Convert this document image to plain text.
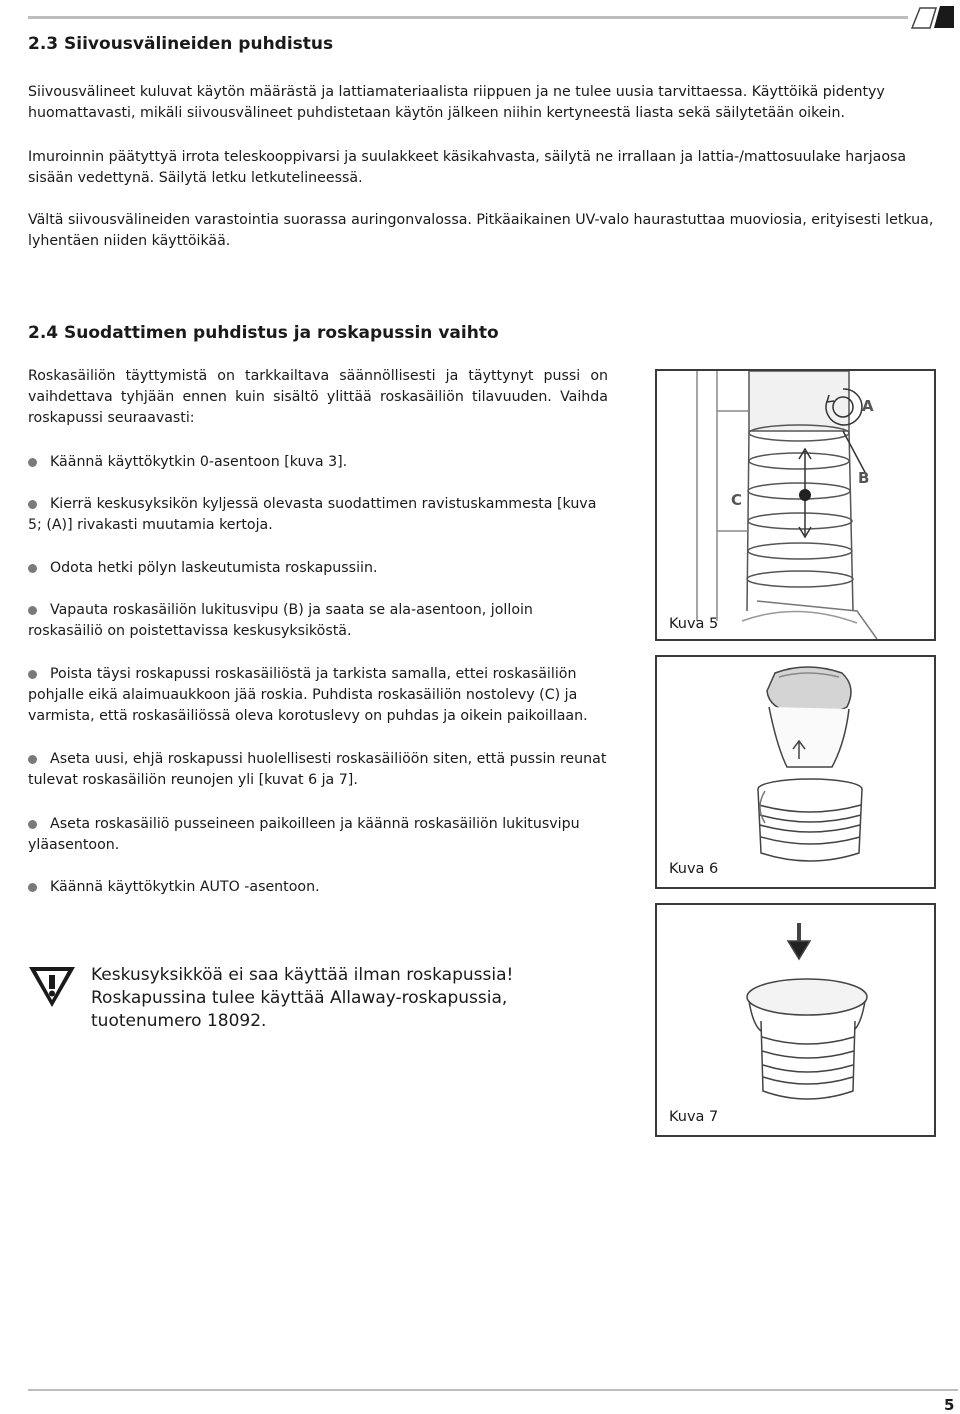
2.3 Siivousvälineiden puhdistus

Siivousvälineet kuluvat käytön määrästä ja lattiamateriaalista riippuen ja ne tulee uusia tarvittaessa. Käyttöikä pidentyy huomattavasti, mikäli siivousvälineet puhdistetaan käytön jälkeen niihin kertyneestä liasta sekä säilytetään oikein.

Imuroinnin päätyttyä irrota teleskooppivarsi ja suulakkeet käsikahvasta, säilytä ne irrallaan ja lattia-/mattosuulake harjaosa sisään vedettynä. Säilytä letku letkutelineessä.

Vältä siivousvälineiden varastointia suorassa auringonvalossa. Pitkäaikainen UV-valo haurastuttaa muoviosia, erityisesti letkua, lyhentäen niiden käyttöikää.

2.4 Suodattimen puhdistus ja roskapussin vaihto

Roskasäiliön täyttymistä on tarkkailtava säännöllisesti ja täyttynyt pussi on vaihdettava tyhjään ennen kuin sisältö ylittää roskasäiliön tilavuuden. Vaihda roskapussi seuraavasti:

Käännä käyttökytkin 0-asentoon [kuva 3].
Kierrä keskusyksikön kyljessä olevasta suodattimen ravistuskammesta [kuva 5; (A)] rivakasti muutamia kertoja.
Odota hetki pölyn laskeutumista roskapussiin.
Vapauta roskasäiliön lukitusvipu (B) ja saata se ala-asentoon, jolloin roskasäiliö on poistettavissa keskusyksiköstä.
Poista täysi roskapussi roskasäiliöstä ja tarkista samalla, ettei roskasäiliön pohjalle eikä alaimuaukkoon jää roskia. Puhdista roskasäiliön nostolevy (C) ja varmista, että roskasäiliössä oleva korotuslevy on puhdas ja oikein paikoillaan.
Aseta uusi, ehjä roskapussi huolellisesti roskasäiliöön siten, että pussin reunat tulevat roskasäiliön reunojen yli [kuvat 6 ja 7].
Aseta roskasäiliö pusseineen paikoilleen ja käännä roskasäiliön lukitusvipu yläasentoon.
Käännä käyttökytkin AUTO -asentoon.
Keskusyksikköä ei saa käyttää ilman roskapussia!
Roskapussina tulee käyttää Allaway-roskapussia, tuotenumero 18092.
A
B
C
Kuva 5
Kuva 6
Kuva 7
5
